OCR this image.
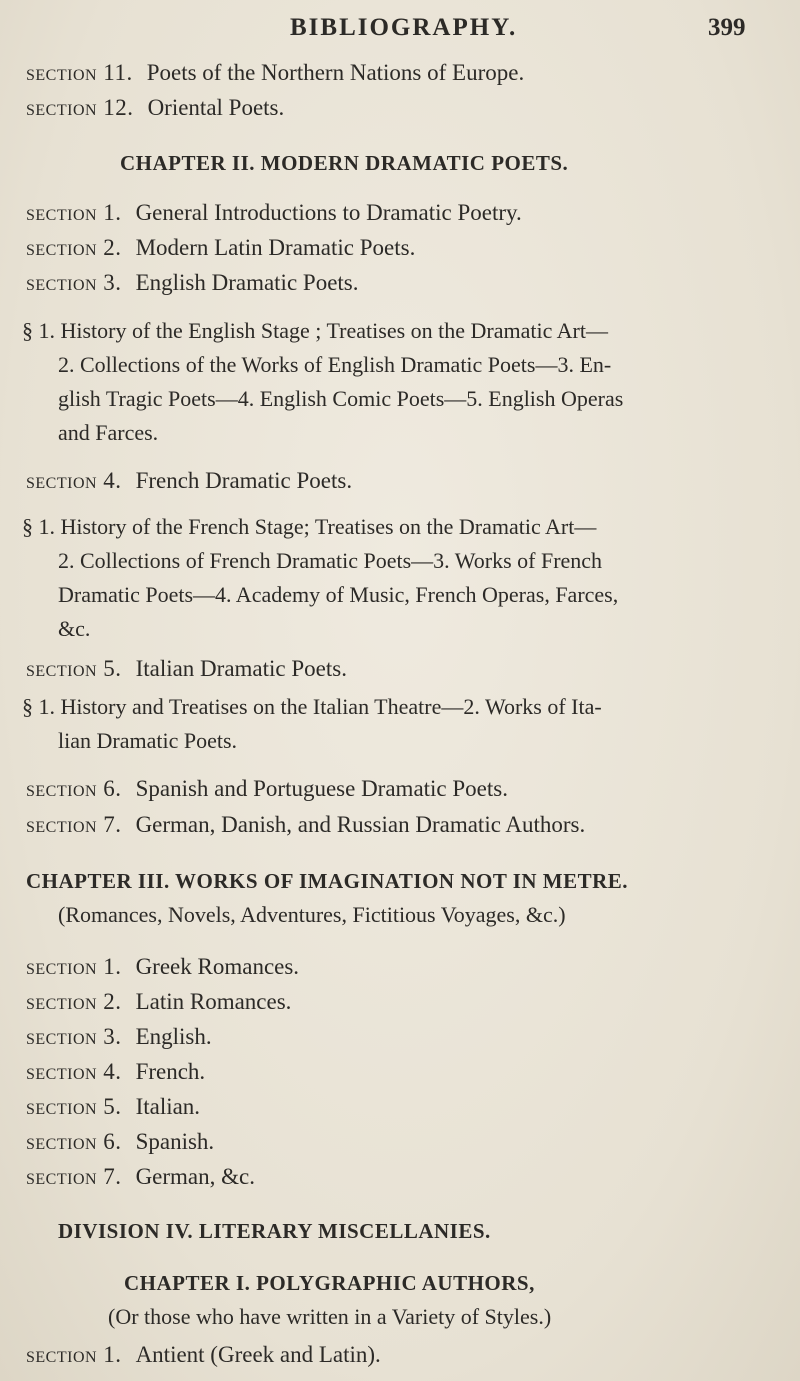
BIBLIOGRAPHY.	399
section 11. Poets of the Northern Nations of Europe.
section 12. Oriental Poets.
CHAPTER II. MODERN DRAMATIC POETS.
section 1. General Introductions to Dramatic Poetry.
section 2. Modern Latin Dramatic Poets.
section 3. English Dramatic Poets.
§ 1. History of the English Stage ; Treatises on the Dramatic Art—
2. Collections of the Works of English Dramatic Poets—3. En-
glish Tragic Poets—4. English Comic Poets—5. English Operas
and Farces.
section 4. French Dramatic Poets.
§ 1. History of the French Stage; Treatises on the Dramatic Art—
2. Collections of French Dramatic Poets—3. Works of French
Dramatic Poets—4. Academy of Music, French Operas, Farces,
&c.
section 5. Italian Dramatic Poets.
§ 1. History and Treatises on the Italian Theatre—2. Works of Ita-
lian Dramatic Poets.
section 6. Spanish and Portuguese Dramatic Poets.
section 7. German, Danish, and Russian Dramatic Authors.
CHAPTER III. WORKS OF IMAGINATION NOT IN METRE.
(Romances, Novels, Adventures, Fictitious Voyages, &c.)
section 1. Greek Romances.
section 2. Latin Romances.
section 3. English.
section 4. French.
section 5. Italian.
section 6. Spanish.
section 7. German, &c.
DIVISION IV. LITERARY MISCELLANIES.
CHAPTER I. POLYGRAPHIC AUTHORS,
(Or those who have written in a Variety of Styles.)
section 1. Antient (Greek and Latin).
